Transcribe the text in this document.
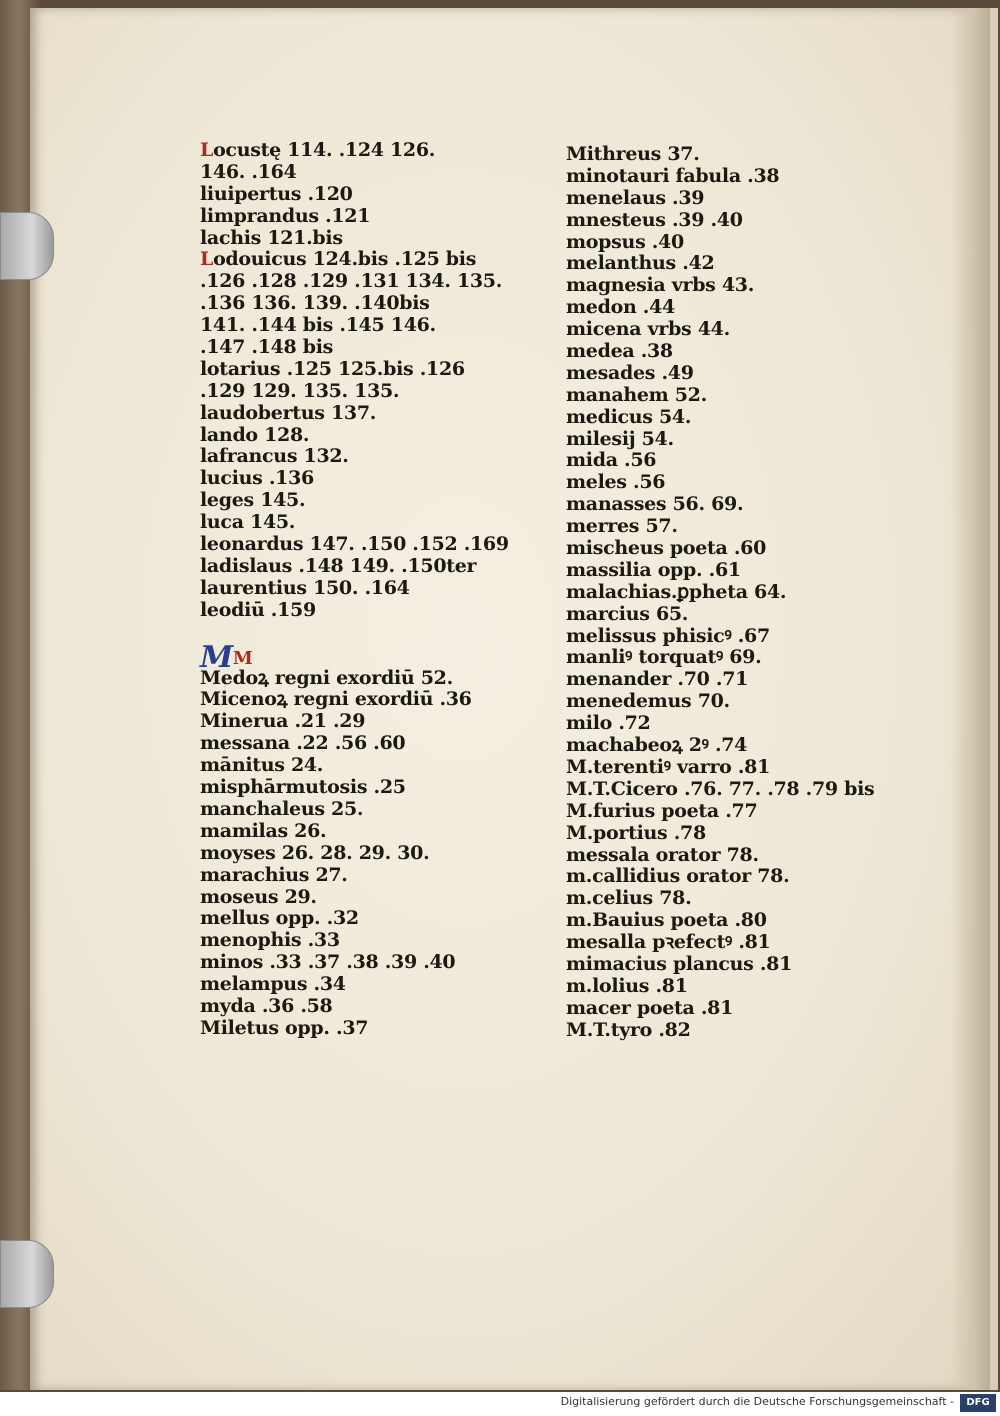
Locustę 114. .124 126.
146. .164
liuipertus .120
limprandus .121
lachis 121.bis
Lodouicus 124.bis .125 bis
.126 .128 .129 .131 134. 135.
.136 136. 139. .140bis
141. .144 bis .145 146.
.147 .148 bis
lotarius .125 125.bis .126
.129 129. 135. 135.
laudobertus 137.
lando 128.
lafrancus 132.
lucius .136
leges 145.
luca 145.
leonardus 147. .150 .152 .169
ladislaus .148 149. .150ter
laurentius 150. .164
leodiū .159
MM
Medoꝝ regni exordiū 52.
Micenoꝝ regni exordiū .36
Minerua .21 .29
messana .22 .56 .60
mānitus 24.
misphārmutosis .25
manchaleus 25.
mamilas 26.
moyses 26. 28. 29. 30.
marachius 27.
moseus 29.
mellus opp. .32
menophis .33
minos .33 .37 .38 .39 .40
melampus .34
myda .36 .58
Miletus opp. .37
Mithreus 37.
minotauri fabula .38
menelaus .39
mnesteus .39 .40
mopsus .40
melanthus .42
magnesia vrbs 43.
medon .44
micena vrbs 44.
medea .38
mesades .49
manahem 52.
medicus 54.
milesij 54.
mida .56
meles .56
manasses 56. 69.
merres 57.
mischeus poeta .60
massilia opp. .61
malachias.ꝑpheta 64.
marcius 65.
melissus phisicꝰ .67
manliꝰ torquatꝰ 69.
menander .70 .71
menedemus 70.
milo .72
machabeoꝝ 2ꝰ .74
M.terentiꝰ varro .81
M.T.Cicero .76. 77. .78 .79 bis
M.furius poeta .77
M.portius .78
messala orator 78.
m.callidius orator 78.
m.celius 78.
m.Bauius poeta .80
mesalla pꝛefectꝰ .81
mimacius plancus .81
m.lolius .81
macer poeta .81
M.T.tyro .82
Digitalisierung gefördert durch die Deutsche Forschungsgemeinschaft -	DFG
